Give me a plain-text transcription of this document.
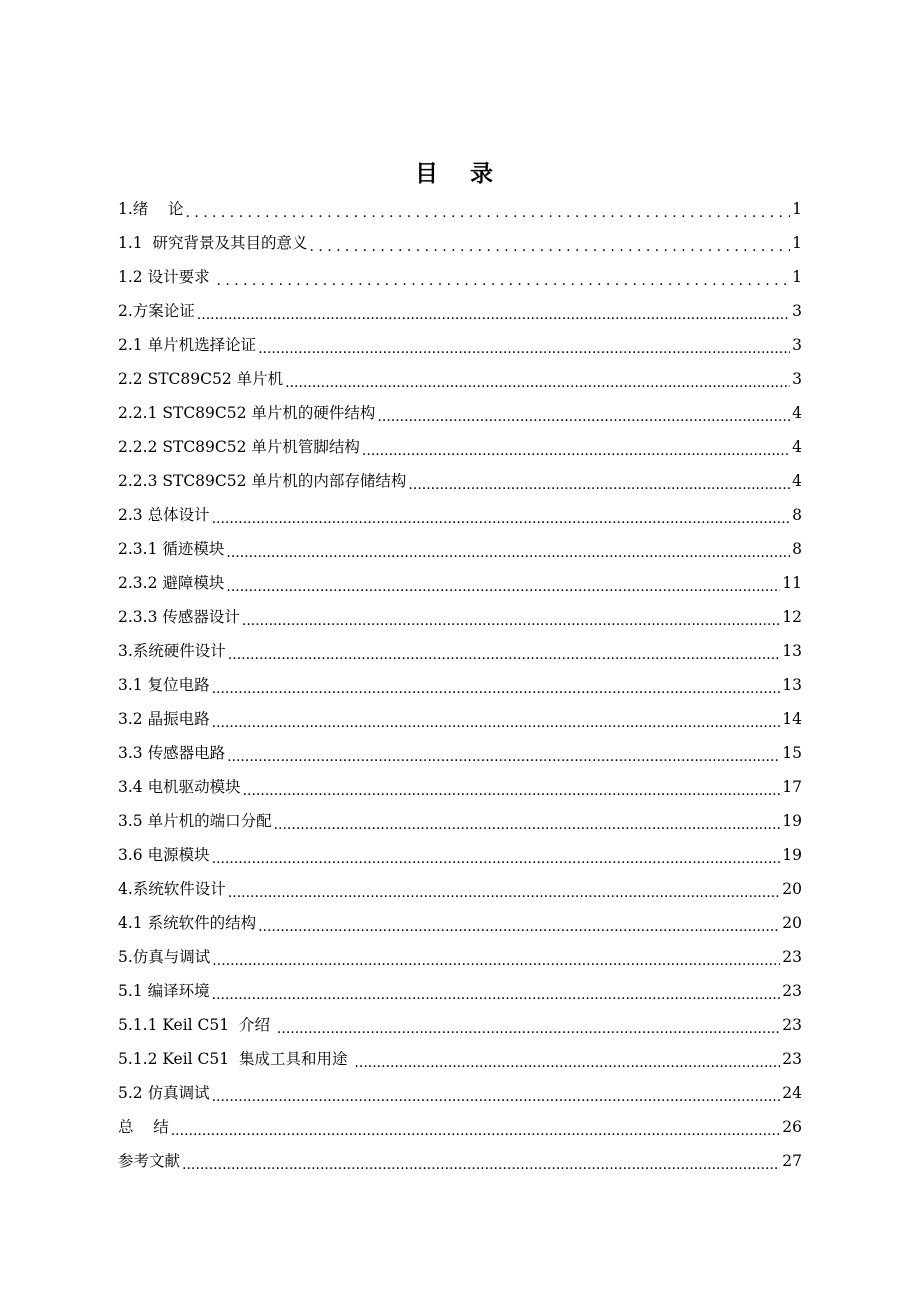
目 录
1.绪    论 .....	1
1.1  研究背景及其目的意义 .....	1
1.2 设计要求 .....	1
2.方案论证 .....	3
2.1 单片机选择论证 .....	3
2.2 STC89C52 单片机 .....	3
2.2.1 STC89C52 单片机的硬件结构 .....	4
2.2.2 STC89C52 单片机管脚结构 .....	4
2.2.3 STC89C52 单片机的内部存储结构 .....	4
2.3 总体设计 .....	8
2.3.1 循迹模块 .....	8
2.3.2 避障模块 .....	11
2.3.3 传感器设计 .....	12
3.系统硬件设计 .....	13
3.1 复位电路 .....	13
3.2 晶振电路 .....	14
3.3 传感器电路 .....	15
3.4 电机驱动模块 .....	17
3.5 单片机的端口分配 .....	19
3.6 电源模块 .....	19
4.系统软件设计 .....	20
4.1 系统软件的结构 .....	20
5.仿真与调试 .....	23
5.1 编译环境 .....	23
5.1.1 Keil C51  介绍 .....	23
5.1.2 Keil C51  集成工具和用途 .....	23
5.2 仿真调试 .....	24
总    结 .....	26
参考文献 .....	27
